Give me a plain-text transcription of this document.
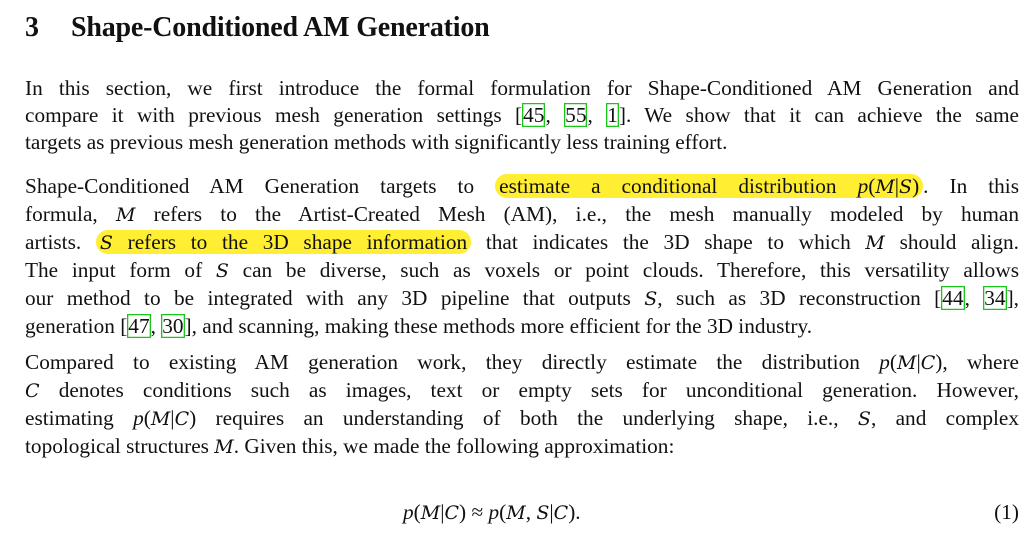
3 Shape-Conditioned AM Generation
In this section, we first introduce the formal formulation for Shape-Conditioned AM Generation and
compare it with previous mesh generation settings [45, 55, 1]. We show that it can achieve the same
targets as previous mesh generation methods with significantly less training effort.
Shape-Conditioned AM Generation targets to estimate a conditional distribution p(M|S) . In this
formula, M refers to the Artist-Created Mesh (AM), i.e., the mesh manually modeled by human
artists. S refers to the 3D shape information that indicates the 3D shape to which M should align.
The input form of S can be diverse, such as voxels or point clouds. Therefore, this versatility allows
our method to be integrated with any 3D pipeline that outputs S, such as 3D reconstruction [44, 34],
generation [47, 30], and scanning, making these methods more efficient for the 3D industry.
Compared to existing AM generation work, they directly estimate the distribution p(M|C), where
C denotes conditions such as images, text or empty sets for unconditional generation. However,
estimating p(M|C) requires an understanding of both the underlying shape, i.e., S, and complex
topological structures M. Given this, we made the following approximation:
p(M|C) ≈ p(M, S|C).	(1)
